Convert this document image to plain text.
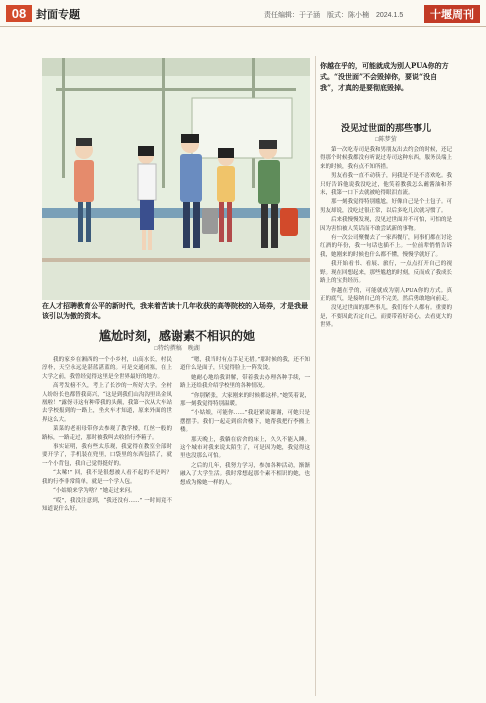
08 封面专题	责任编辑：于子涵　版式：陈小楠　2024.1.5	十堰周刊
在人才招聘教育公平的新时代，我来着苦读十几年收获的高等院校的入场券，才是我最该引以为傲的资本。
尴尬时刻，感谢素不相识的她
□特约撰稿　晚湖

我的家乡在湘西的一个小乡村，山高水长，村民淳朴，天空永远是湛蓝湛蓝的。可是交通闭塞，在上大学之前，我曾经觉得这里是全世界最好的地方。

高考发榜不久，考上了长沙的一所好大学。全村人纷纷长也都替我高兴，“这是到我们山沟沟里出金凤凰啦！”露伢寻这有种带我的头颠，我第一次从大车站去学校报到的一路上，坐火车才知道，原来外面的世界这么大。

菜菜的老祖母带你去参观了教学楼，红丝一般的路标，一路走过，那时被我叫去收拾行李箱子。

事实证明，我有些太乐观，我觉得在教室全部时要开学了，手机装在兜里，口袋里的东西包括了，就一个小背包，我自己觉得挺好的。

“太嗦!” 回，我不是很想被人看不起的不是吗？我的行李非常简单，就是一个学人包。

“小姑娘来学为啥？”她走过来问。

“哎”，我没注意到，“我还没有……” 一时间竟不知道说什么好。

“嗯，我当时有点手足无措。”那时候的我，还不知道什么是面子，只觉得脸上一阵发烫。

她耐心地给我讲解，带着我去办理各种手续，一路上还给我介绍学校里的各种情况。

“你别紧张，大家刚来的时候都这样。”她笑着说，那一刻我觉得特别温暖。

“小姑娘，可能你……”我赶紧说谢谢，可她只是摆摆手。我们一起走到宿舍楼下，她帮我把行李搬上楼。

那天晚上，我躺在宿舍的床上，久久不能入睡。这个城市对我来说太陌生了，可是因为她，我觉得这里也没那么可怕。

之后的几年，我努力学习，参加各种活动，渐渐融入了大学生活。我时常想起那个素不相识的她，也想成为像她一样的人。

你越在乎的，可能就成为别人PUA你的方式。“没世面”不会毁掉你，要说“没自我”，才真的是要彻底毁掉。
没见过世面的那些事儿
□陈梦萤

第一次吃寿司是我和男朋友出去约会的时候，还记得那个时候我都没有听说过寿司这种东西，服务员端上来的时候，我有点不知所措。

男友看我一直不动筷子，问我是不是不喜欢吃。我只好告诉他说我没吃过，他笑着教我怎么蘸酱油和芥末，我第一口下去就被呛得眼泪直流。

那一刻我觉得特别尴尬，好像自己是个土包子。可男友却说，没吃过很正常，以后多吃几次就习惯了。

后来我慢慢发现，没见过世面并不可怕，可怕的是因为害怕被人笑话而不敢尝试新的事物。

有一次公司聚餐去了一家西餐厅，同事们都在讨论红酒的年份，我一句话也插不上。一位前辈悄悄告诉我，她刚来的时候也什么都不懂，慢慢学就好了。

我开始看书、看展、旅行，一点点打开自己的视野。现在回想起来，那些尴尬的时刻，反而成了我成长路上的宝贵经历。

你越在乎的，可能就成为别人PUA你的方式。真正的底气，是接纳自己的不完美，然后勇敢地向前走。

没见过世面的那些事儿，我们每个人都有。重要的是，不要因此否定自己，而要带着好奇心，去看更大的世界。
